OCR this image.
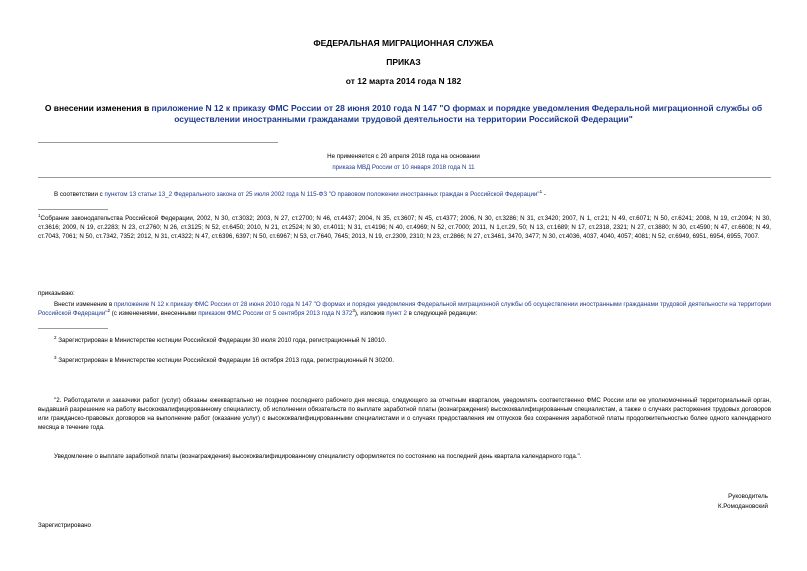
ФЕДЕРАЛЬНАЯ МИГРАЦИОННАЯ СЛУЖБА
ПРИКАЗ
от 12 марта 2014 года N 182
О внесении изменения в приложение N 12 к приказу ФМС России от 28 июня 2010 года N 147 "О формах и порядке уведомления Федеральной миграционной службы об осуществлении иностранными гражданами трудовой деятельности на территории Российской Федерации"
Не применяется с 20 апреля 2018 года на основании
приказа МВД России от 10 января 2018 года N 11
В соответствии с пунктом 13 статьи 13_2 Федерального закона от 25 июля 2002 года N 115-ФЗ "О правовом положении иностранных граждан в Российской Федерации"$^1$ -
$^1$Собрание законодательства Российской Федерации, 2002, N 30, ст.3032; 2003, N 27, ст.2700; N 46, ст.4437; 2004, N 35, ст.3607; N 45, ст.4377; 2006, N 30, ст.3286; N 31, ст.3420; 2007, N 1, ст.21; N 49, ст.6071; N 50, ст.6241; 2008, N 19, ст.2094; N 30, ст.3616; 2009, N 19, ст.2283; N 23, ст.2760; N 26, ст.3125; N 52, ст.6450; 2010, N 21, ст.2524; N 30, ст.4011; N 31, ст.4196; N 40, ст.4969; N 52, ст.7000; 2011, N 1,ст.29, 50; N 13, ст.1689; N 17, ст.2318, 2321; N 27, ст.3880; N 30, ст.4590; N 47, ст.6608; N 49, ст.7043, 7061; N 50, ст.7342, 7352; 2012, N 31, ст.4322; N 47, ст.6396, 6397; N 50, ст.6967; N 53, ст.7640, 7645; 2013, N 19, ст.2309, 2310; N 23, ст.2866; N 27, ст.3461, 3470, 3477; N 30, ст.4036, 4037, 4040, 4057; 4081; N 52, ст.6949, 6951, 6954, 6955, 7007.
приказываю:
Внести изменение в приложение N 12 к приказу ФМС России от 28 июня 2010 года N 147 "О формах и порядке уведомления Федеральной миграционной службы об осуществлении иностранными гражданами трудовой деятельности на территории Российской Федерации"$^2$ (с изменениями, внесенными приказом ФМС России от 5 сентября 2013 года N $372^3$), изложив пункт 2 в следующей редакции:
$^2$ Зарегистрирован в Министерстве юстиции Российской Федерации 30 июля 2010 года, регистрационный N 18010.
$^3$ Зарегистрирован в Министерстве юстиции Российской Федерации 16 октября 2013 года, регистрационный N 30200.
"2. Работодатели и заказчики работ (услуг) обязаны ежеквартально не позднее последнего рабочего дня месяца, следующего за отчетным кварталом, уведомлять соответственно ФМС России или ее уполномоченный территориальный орган, выдавший разрешение на работу высококвалифицированному специалисту, об исполнении обязательств по выплате заработной платы (вознаграждения) высококвалифицированным специалистам, а также о случаях расторжения трудовых договоров или гражданско-правовых договоров на выполнение работ (оказание услуг) с высококвалифицированными специалистами и о случаях предоставления им отпусков без сохранения заработной платы продолжительностью более одного календарного месяца в течение года.
Уведомление о выплате заработной платы (вознаграждения) высококвалифицированному специалисту оформляется по состоянию на последний день квартала календарного года.".
Руководитель
К.Ромодановский
Зарегистрировано
